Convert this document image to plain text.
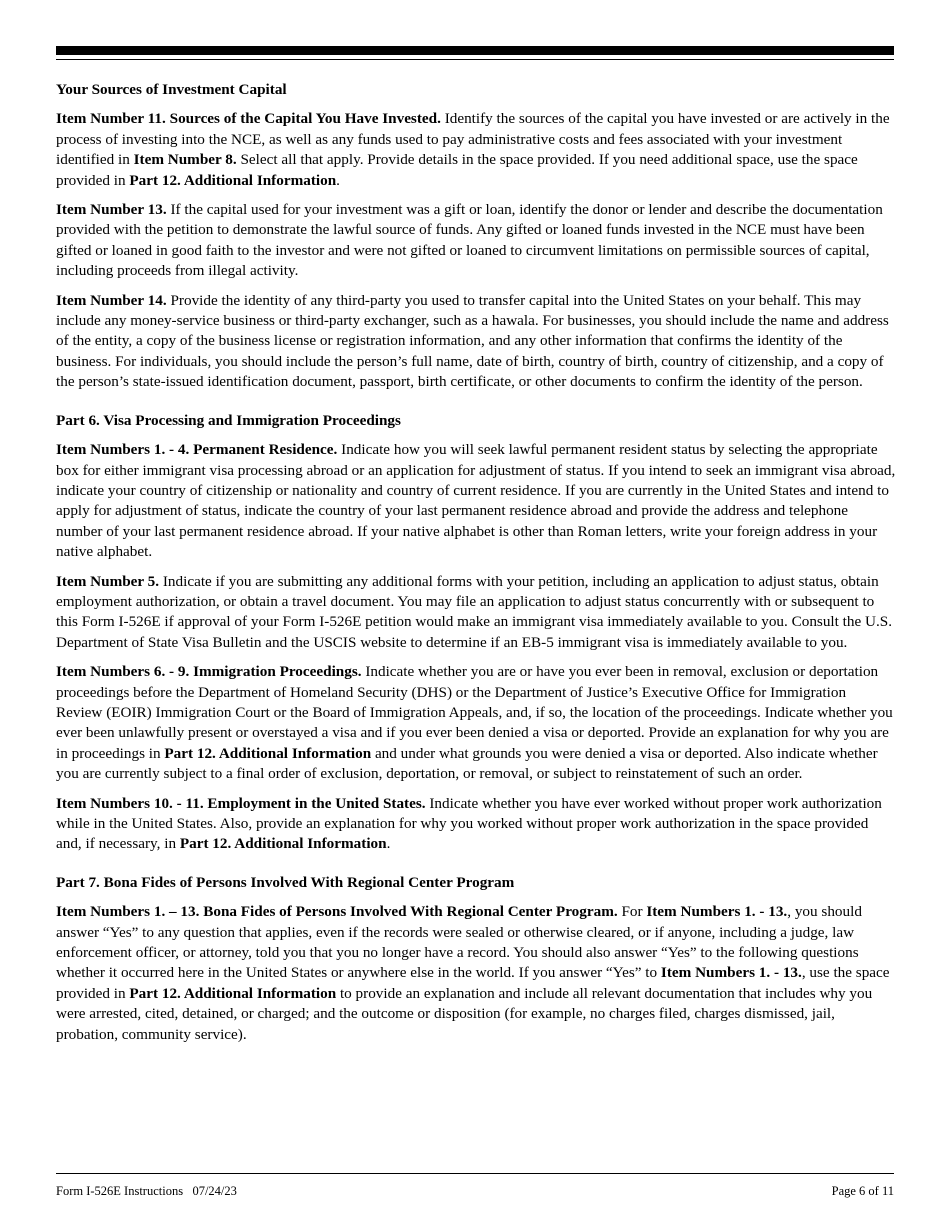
Your Sources of Investment Capital

Item Number 11. Sources of the Capital You Have Invested. Identify the sources of the capital you have invested or are actively in the process of investing into the NCE, as well as any funds used to pay administrative costs and fees associated with your investment identified in Item Number 8. Select all that apply. Provide details in the space provided. If you need additional space, use the space provided in Part 12. Additional Information.

Item Number 13. If the capital used for your investment was a gift or loan, identify the donor or lender and describe the documentation provided with the petition to demonstrate the lawful source of funds. Any gifted or loaned funds invested in the NCE must have been gifted or loaned in good faith to the investor and were not gifted or loaned to circumvent limitations on permissible sources of capital, including proceeds from illegal activity.

Item Number 14. Provide the identity of any third-party you used to transfer capital into the United States on your behalf. This may include any money-service business or third-party exchanger, such as a hawala. For businesses, you should include the name and address of the entity, a copy of the business license or registration information, and any other information that confirms the identity of the business. For individuals, you should include the person’s full name, date of birth, country of birth, country of citizenship, and a copy of the person’s state-issued identification document, passport, birth certificate, or other documents to confirm the identity of the person.

Part 6. Visa Processing and Immigration Proceedings

Item Numbers 1. - 4. Permanent Residence. Indicate how you will seek lawful permanent resident status by selecting the appropriate box for either immigrant visa processing abroad or an application for adjustment of status. If you intend to seek an immigrant visa abroad, indicate your country of citizenship or nationality and country of current residence. If you are currently in the United States and intend to apply for adjustment of status, indicate the country of your last permanent residence abroad and provide the address and telephone number of your last permanent residence abroad. If your native alphabet is other than Roman letters, write your foreign address in your native alphabet.

Item Number 5. Indicate if you are submitting any additional forms with your petition, including an application to adjust status, obtain employment authorization, or obtain a travel document. You may file an application to adjust status concurrently with or subsequent to this Form I-526E if approval of your Form I-526E petition would make an immigrant visa immediately available to you. Consult the U.S. Department of State Visa Bulletin and the USCIS website to determine if an EB-5 immigrant visa is immediately available to you.

Item Numbers 6. - 9. Immigration Proceedings. Indicate whether you are or have you ever been in removal, exclusion or deportation proceedings before the Department of Homeland Security (DHS) or the Department of Justice’s Executive Office for Immigration Review (EOIR) Immigration Court or the Board of Immigration Appeals, and, if so, the location of the proceedings. Indicate whether you ever been unlawfully present or overstayed a visa and if you ever been denied a visa or deported. Provide an explanation for why you are in proceedings in Part 12. Additional Information and under what grounds you were denied a visa or deported. Also indicate whether you are currently subject to a final order of exclusion, deportation, or removal, or subject to reinstatement of such an order.

Item Numbers 10. - 11. Employment in the United States. Indicate whether you have ever worked without proper work authorization while in the United States. Also, provide an explanation for why you worked without proper work authorization in the space provided and, if necessary, in Part 12. Additional Information.

Part 7. Bona Fides of Persons Involved With Regional Center Program

Item Numbers 1. – 13. Bona Fides of Persons Involved With Regional Center Program. For Item Numbers 1. - 13., you should answer “Yes” to any question that applies, even if the records were sealed or otherwise cleared, or if anyone, including a judge, law enforcement officer, or attorney, told you that you no longer have a record. You should also answer “Yes” to the following questions whether it occurred here in the United States or anywhere else in the world. If you answer “Yes” to Item Numbers 1. - 13., use the space provided in Part 12. Additional Information to provide an explanation and include all relevant documentation that includes why you were arrested, cited, detained, or charged; and the outcome or disposition (for example, no charges filed, charges dismissed, jail, probation, community service).

Form I-526E Instructions   07/24/23	Page 6 of 11
